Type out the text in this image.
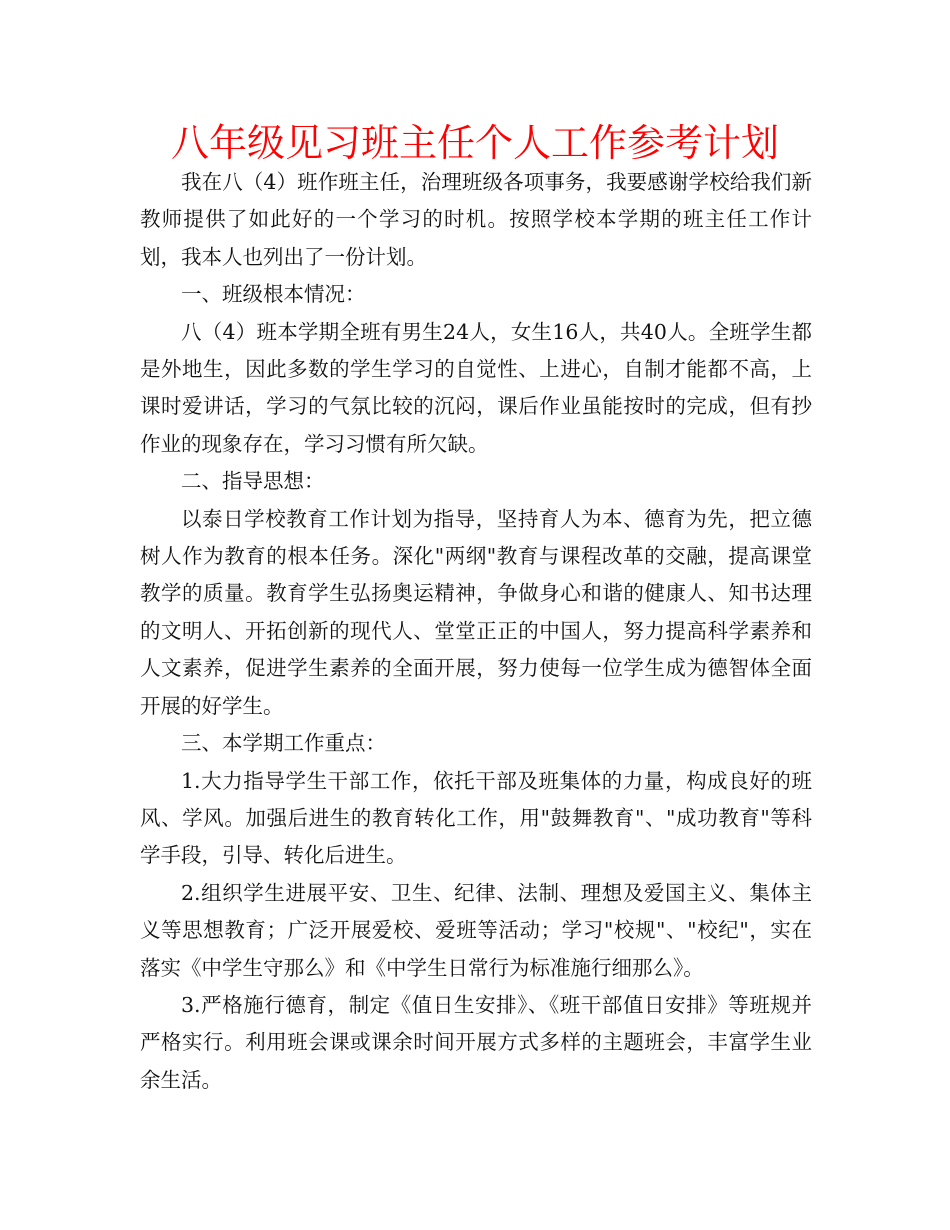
八年级见习班主任个人工作参考计划

我在八（4）班作班主任，治理班级各项事务，我要感谢学校给我们新教师提供了如此好的一个学习的时机。按照学校本学期的班主任工作计划，我本人也列出了一份计划。

一、班级根本情况：

八（4）班本学期全班有男生24人，女生16人，共40人。全班学生都是外地生，因此多数的学生学习的自觉性、上进心，自制才能都不高，上课时爱讲话，学习的气氛比较的沉闷，课后作业虽能按时的完成，但有抄作业的现象存在，学习习惯有所欠缺。

二、指导思想：

以泰日学校教育工作计划为指导，坚持育人为本、德育为先，把立德树人作为教育的根本任务。深化"两纲"教育与课程改革的交融，提高课堂教学的质量。教育学生弘扬奥运精神，争做身心和谐的健康人、知书达理的文明人、开拓创新的现代人、堂堂正正的中国人，努力提高科学素养和人文素养，促进学生素养的全面开展，努力使每一位学生成为德智体全面开展的好学生。

三、本学期工作重点：

1.大力指导学生干部工作，依托干部及班集体的力量，构成良好的班风、学风。加强后进生的教育转化工作，用"鼓舞教育"、"成功教育"等科学手段，引导、转化后进生。

2.组织学生进展平安、卫生、纪律、法制、理想及爱国主义、集体主义等思想教育；广泛开展爱校、爱班等活动；学习"校规"、"校纪"，实在落实《中学生守那么》和《中学生日常行为标准施行细那么》。

3.严格施行德育，制定《值日生安排》、《班干部值日安排》等班规并严格实行。利用班会课或课余时间开展方式多样的主题班会，丰富学生业余生活。
